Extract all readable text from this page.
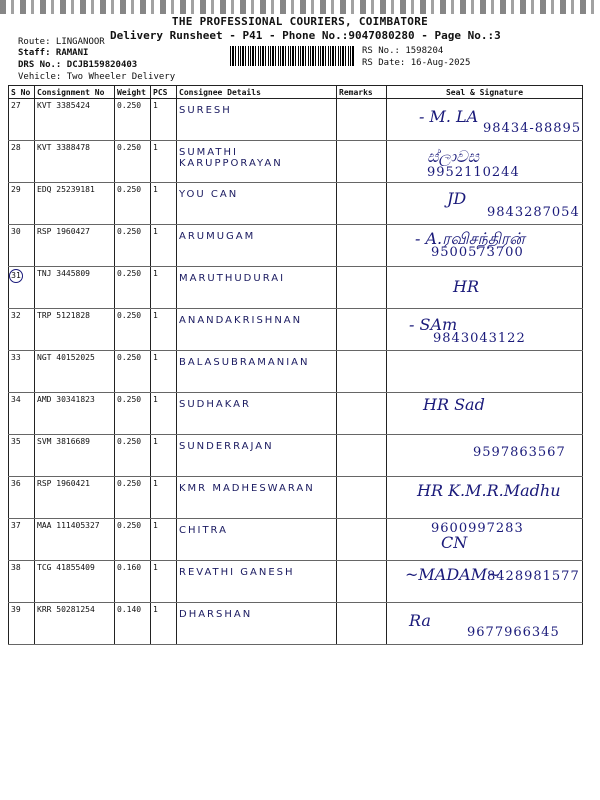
THE PROFESSIONAL COURIERS, COIMBATORE
Delivery Runsheet - P41 - Phone No.:9047080280 - Page No.:3
Route: LINGANOOR
Staff: RAMANI
DRS No.: DCJB159820403
Vehicle: Two Wheeler Delivery
RS No.: 1598204
RS Date: 16-Aug-2025
S No	Consignment No	Weight	PCS	Consignee Details	Remarks	Seal & Signature
27	KVT 3385424	0.250	1	SURESH		- M. LA
98434-88895

28	KVT 3388478	0.250	1	SUMATHI KARUPPORAYAN		ස්ලාවස
9952110244

29	EDQ 25239181	0.250	1	YOU CAN		JD
9843287054

30	RSP 1960427	0.250	1	ARUMUGAM		- A.ரவிசந்திரன்
9500573700

31	TNJ 3445809	0.250	1	MARUTHUDURAI		HR

32	TRP 5121828	0.250	1	ANANDAKRISHNAN		- SAm
9843043122

33	NGT 40152025	0.250	1	BALASUBRAMANIAN		

34	AMD 30341823	0.250	1	SUDHAKAR		HR Sad

35	SVM 3816689	0.250	1	SUNDERRAJAN		9597863567

36	RSP 1960421	0.250	1	KMR MADHESWARAN		HR K.M.R.Madhu

37	MAA 111405327	0.250	1	CHITRA		CN
9600997283

38	TCG 41855409	0.160	1	REVATHI GANESH		~MADAM~
8428981577

39	KRR 50281254	0.140	1	DHARSHAN		Ra
9677966345
